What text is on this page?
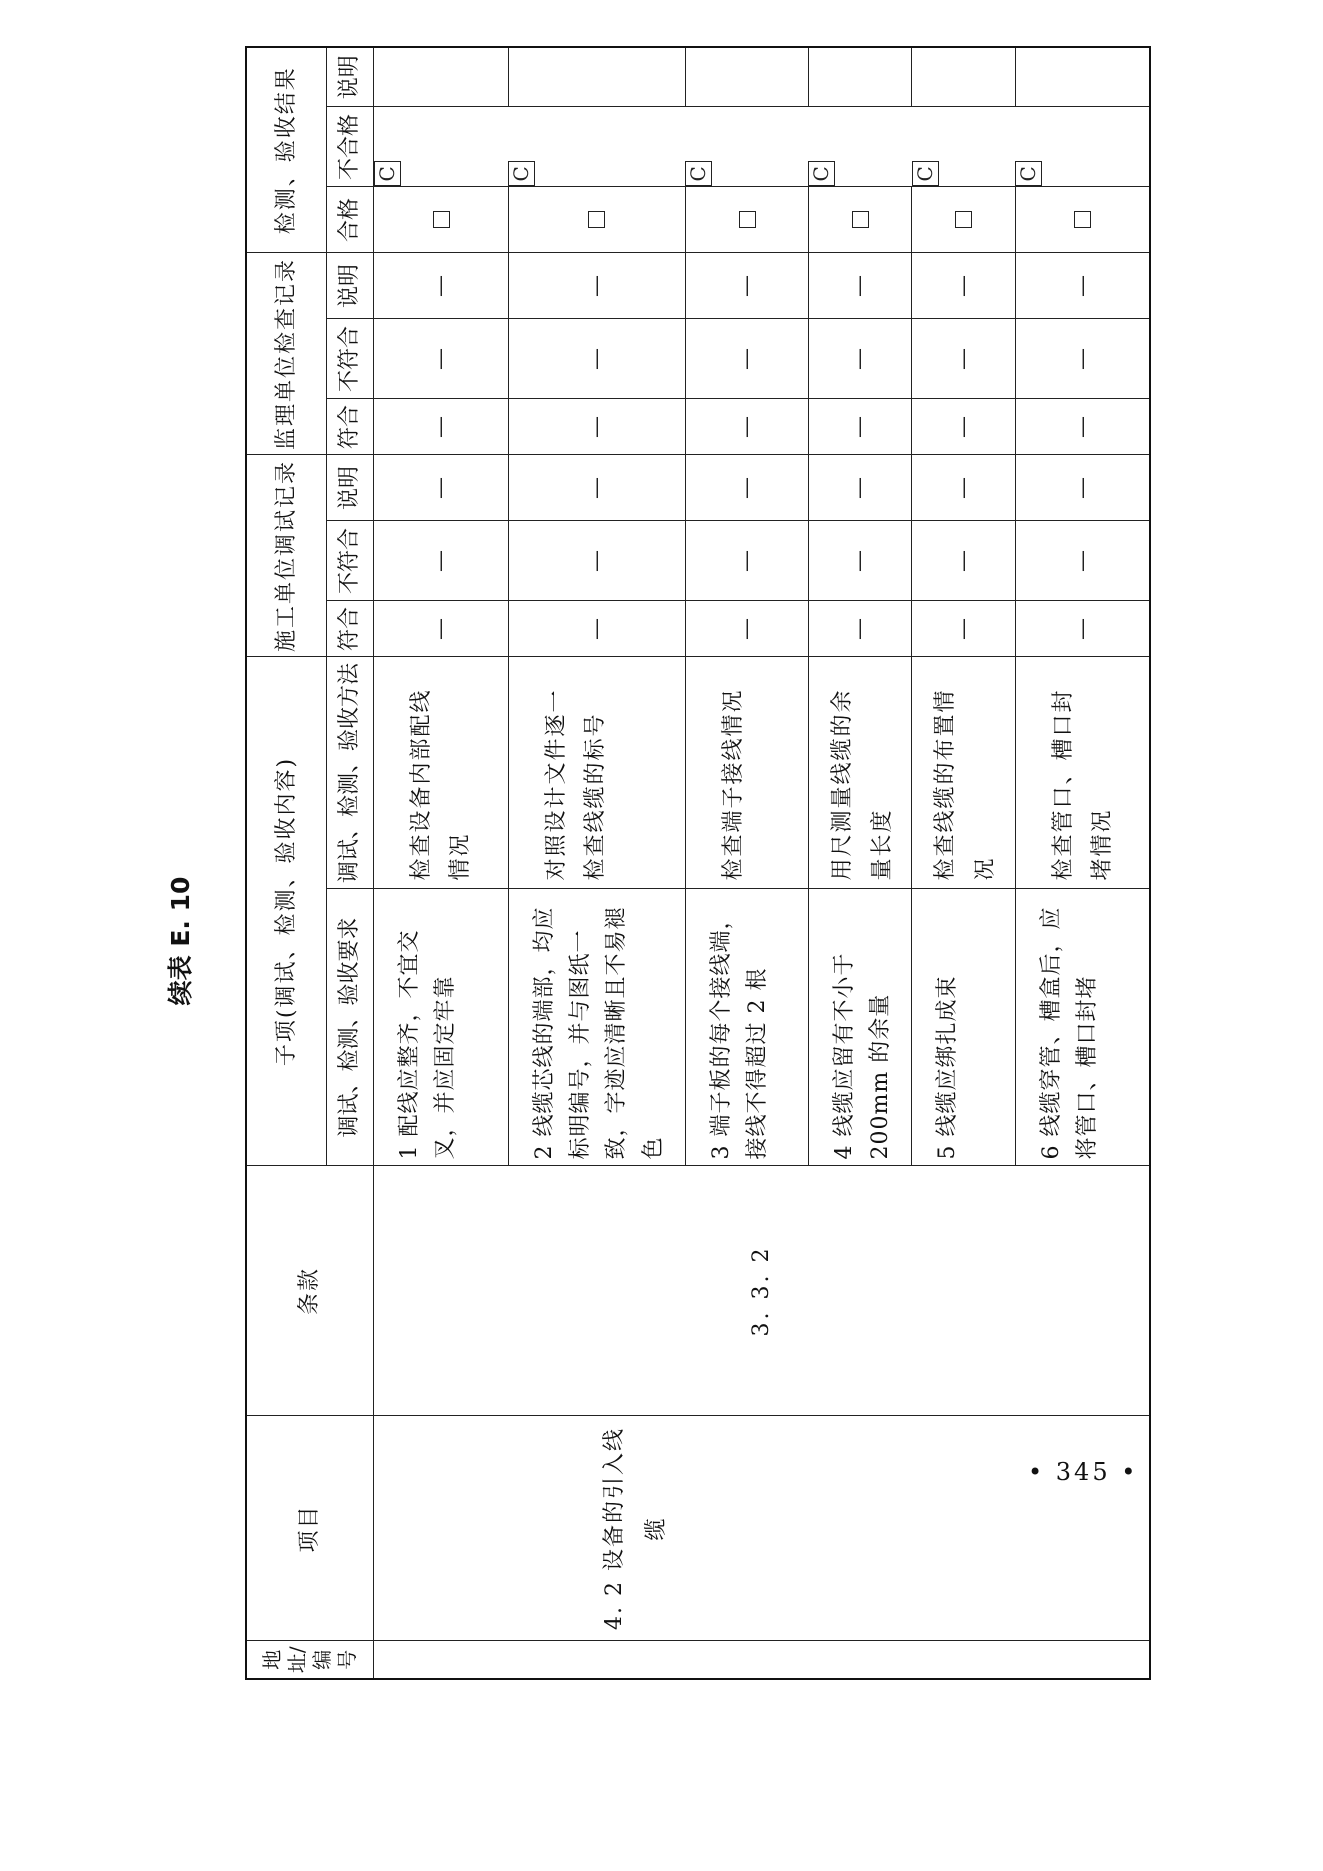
续表 E. 10
地址/编号	项目	条款	子项(调试、检测、验收内容)		施工单位调试记录			监理单位检查记录			检测、验收结果		
			调试、检测、验收要求	调试、检测、验收方法	符合	不符合	说明	符合	不符合	说明	合格	不合格	说明
	4. 2 设备的引入线缆	3. 3. 2	1 配线应整齐，不宜交叉，并应固定牢靠	检查设备内部配线情况	—	—	—	—	—	—		C
			2 线缆芯线的端部，均应标明编号，并与图纸一致，字迹应清晰且不易褪色	对照设计文件逐一检查线缆的标号	—	—	—	—	—	—		C
			3 端子板的每个接线端，接线不得超过 2 根	检查端子接线情况	—	—	—	—	—	—		C
			4 线缆应留有不小于 200mm 的余量	用尺测量线缆的余量长度	—	—	—	—	—	—		C
			5 线缆应绑扎成束	检查线缆的布置情况	—	—	—	—	—	—		C
			6 线缆穿管、槽盒后，应将管口、槽口封堵	检查管口、槽口封堵情况	—	—	—	—	—	—		C
• 345 •
